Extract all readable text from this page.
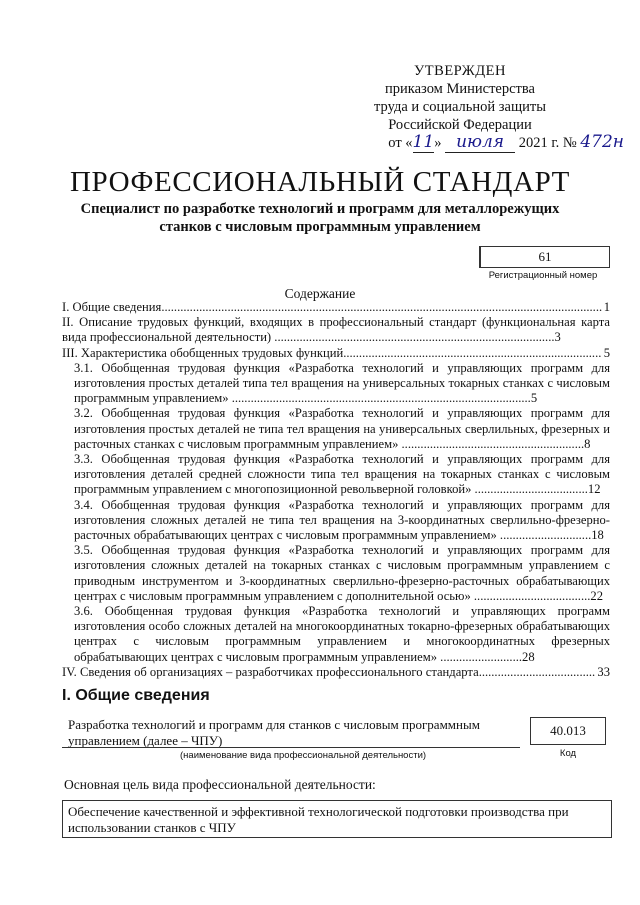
УТВЕРЖДЕН
приказом Министерства
труда и социальной защиты
Российской Федерации
от «11» июля 2021 г. № 472н
ПРОФЕССИОНАЛЬНЫЙ СТАНДАРТ
Специалист по разработке технологий и программ для металлорежущих станков с числовым программным управлением
61
Регистрационный номер
Содержание
I. Общие сведения .....	1
II. Описание трудовых функций, входящих в профессиональный стандарт (функциональная карта вида профессиональной деятельности) .........................................................................................3
III. Характеристика обобщенных трудовых функций .....	5
3.1. Обобщенная трудовая функция «Разработка технологий и управляющих программ для изготовления простых деталей типа тел вращения на универсальных токарных станках с числовым программным управлением» ...............................................................................................5
3.2. Обобщенная трудовая функция «Разработка технологий и управляющих программ для изготовления простых деталей не типа тел вращения на универсальных сверлильных, фрезерных и расточных станках с числовым программным управлением» ..........................................................8
3.3. Обобщенная трудовая функция «Разработка технологий и управляющих программ для изготовления деталей средней сложности типа тел вращения на токарных станках с числовым программным управлением с многопозиционной револьверной головкой» ....................................12
3.4. Обобщенная трудовая функция «Разработка технологий и управляющих программ для изготовления сложных деталей не типа тел вращения на 3-координатных сверлильно-фрезерно-расточных обрабатывающих центрах с числовым программным управлением» .............................18
3.5. Обобщенная трудовая функция «Разработка технологий и управляющих программ для изготовления сложных деталей на токарных станках с числовым программным управлением с приводным инструментом и 3-координатных сверлильно-фрезерно-расточных обрабатывающих центрах с числовым программным управлением с дополнительной осью» .....................................22
3.6. Обобщенная трудовая функция «Разработка технологий и управляющих программ изготовления особо сложных деталей на многокоординатных токарно-фрезерных обрабатывающих центрах с числовым программным управлением и многокоординатных фрезерных обрабатывающих центрах с числовым программным управлением» ..........................28
IV. Сведения об организациях – разработчиках профессионального стандарта .....	33
I. Общие сведения
Разработка технологий и программ для станков с числовым программным управлением (далее – ЧПУ)
(наименование вида профессиональной деятельности)
40.013
Код
Основная цель вида профессиональной деятельности:
Обеспечение качественной и эффективной технологической подготовки производства при использовании станков с ЧПУ
